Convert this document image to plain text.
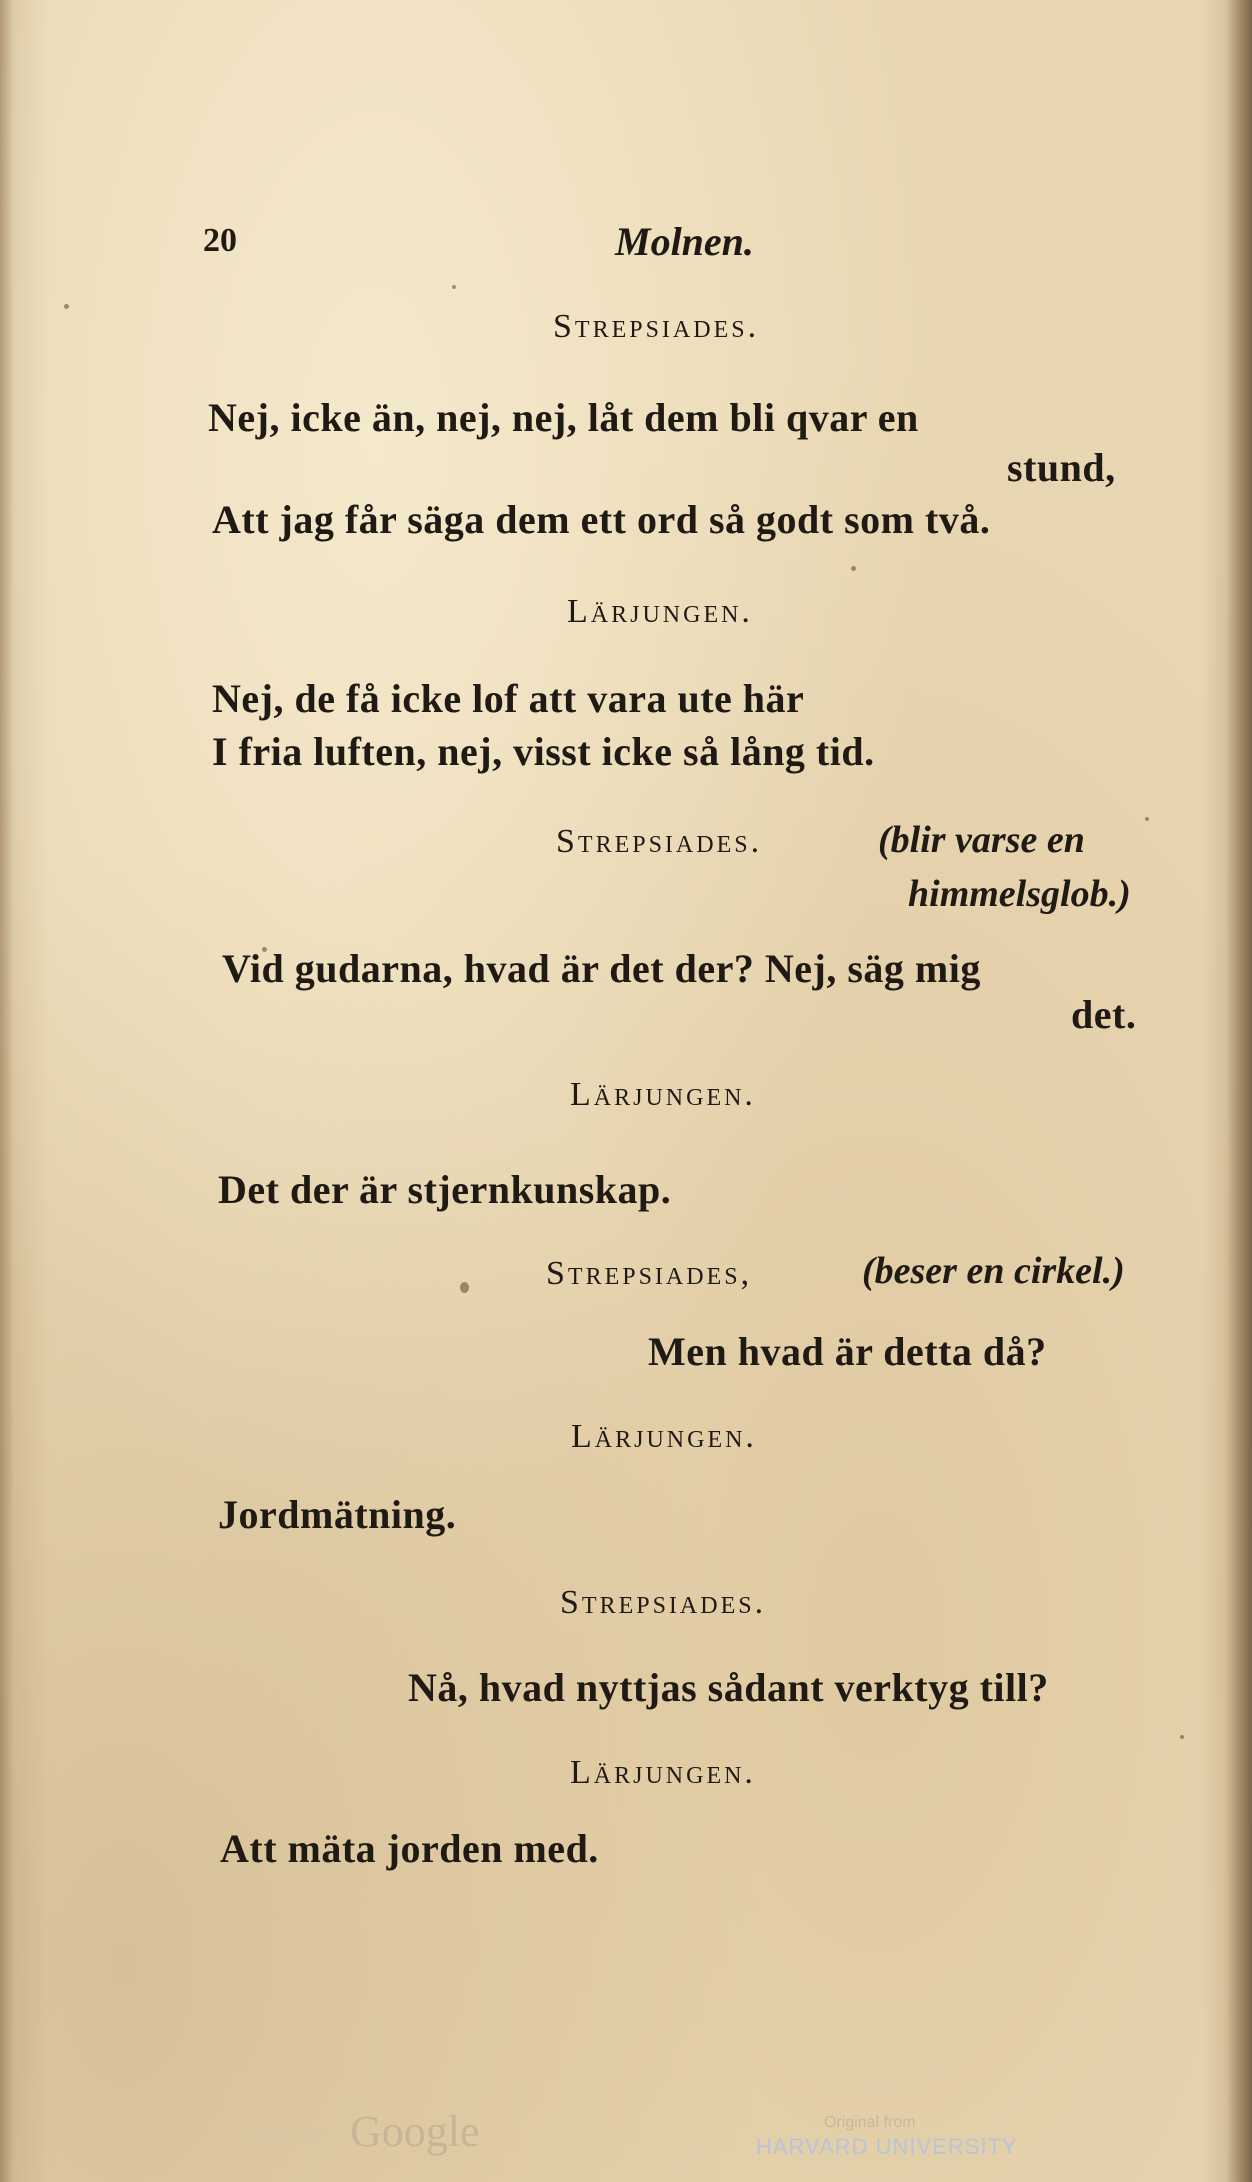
20	Molnen.
Strepsiades.
Nej, icke än, nej, nej, låt dem bli qvar en
stund,
Att jag får säga dem ett ord så godt som två.
Lärjungen.
Nej, de få icke lof att vara ute här
I fria luften, nej, visst icke så lång tid.
Strepsiades.	(blir varse en
himmelsglob.)
Vid gudarna, hvad är det der? Nej, säg mig
det.
Lärjungen.
Det der är stjernkunskap.
Strepsiades,	(beser en cirkel.)
Men hvad är detta då?
Lärjungen.
Jordmätning.
Strepsiades.
Nå, hvad nyttjas sådant verktyg till?
Lärjungen.
Att mäta jorden med.
Digitized by Google	Original from
HARVARD UNIVERSITY
